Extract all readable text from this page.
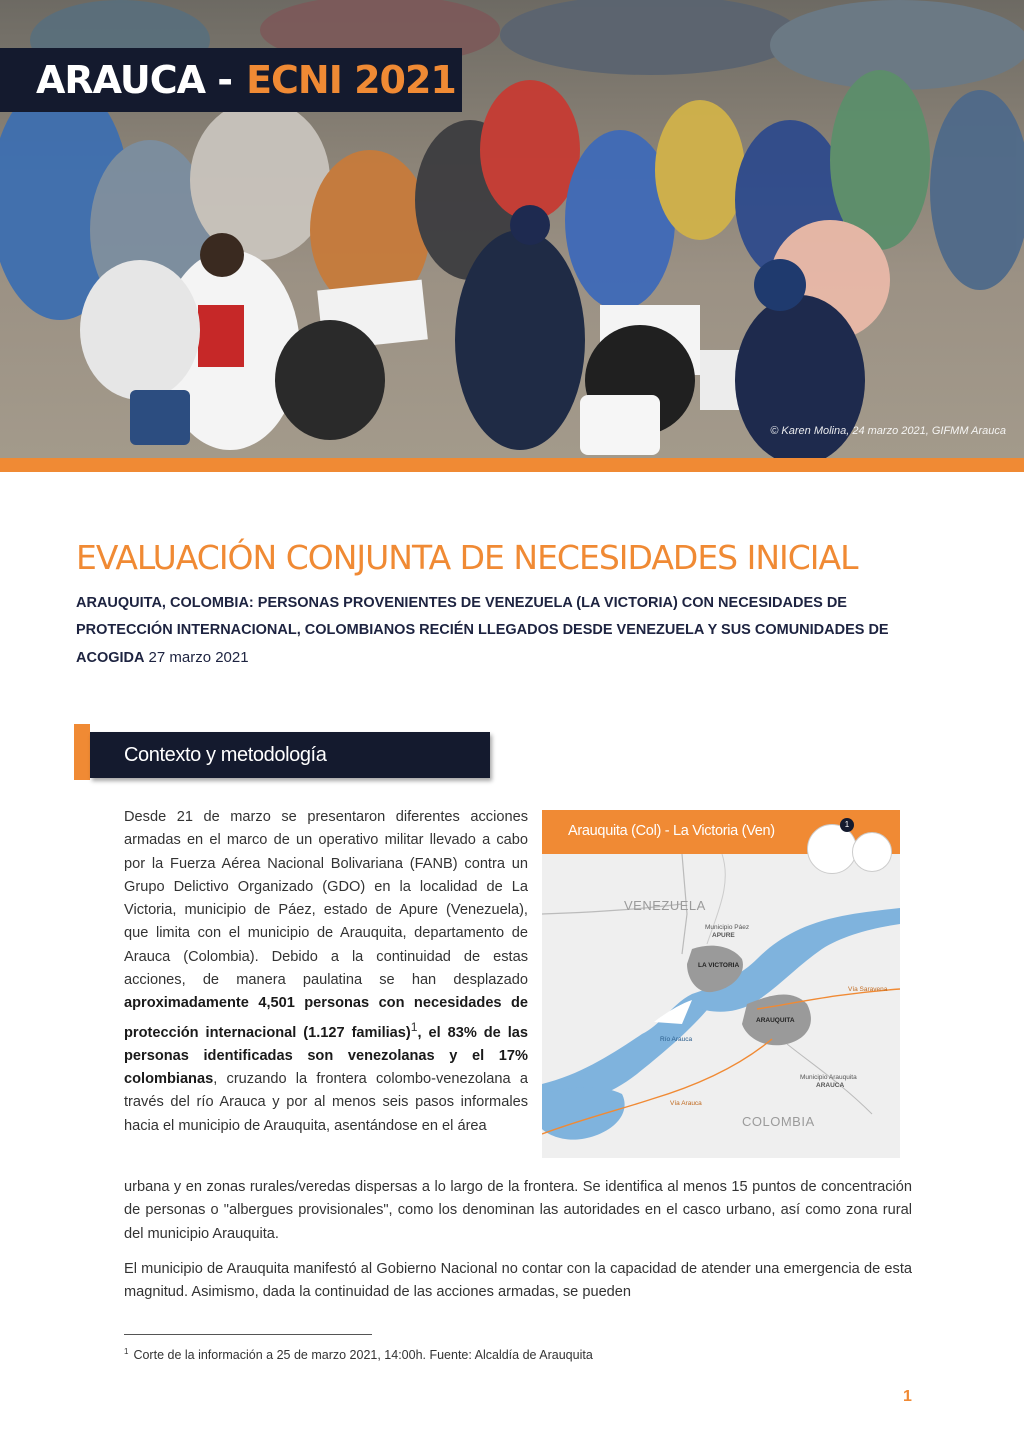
ARAUCA - ECNI 2021
© Karen Molina, 24 marzo 2021, GIFMM Arauca
EVALUACIÓN CONJUNTA DE NECESIDADES INICIAL

ARAUQUITA, COLOMBIA: PERSONAS PROVENIENTES DE VENEZUELA (LA VICTORIA) CON NECESIDADES DE PROTECCIÓN INTERNACIONAL, COLOMBIANOS RECIÉN LLEGADOS DESDE VENEZUELA Y SUS COMUNIDADES DE ACOGIDA 27 marzo 2021

Contexto y metodología

Desde 21 de marzo se presentaron diferentes acciones armadas en el marco de un operativo militar llevado a cabo por la Fuerza Aérea Nacional Bolivariana (FANB) contra un Grupo Delictivo Organizado (GDO) en la localidad de La Victoria, municipio de Páez, estado de Apure (Venezuela), que limita con el municipio de Arauquita, departamento de Arauca (Colombia). Debido a la continuidad de estas acciones, de manera paulatina se han desplazado aproximadamente 4,501 personas con necesidades de protección internacional (1.127 familias)$^1$, el 83% de las personas identificadas son venezolanas y el 17% colombianas, cruzando la frontera colombo-venezolana a través del río Arauca y por al menos seis pasos informales hacia el municipio de Arauquita, asentándose en el área

urbana y en zonas rurales/veredas dispersas a lo largo de la frontera. Se identifica al menos 15 puntos de concentración de personas o "albergues provisionales", como los denominan las autoridades en el casco urbano, así como zona rural del municipio Arauquita.

El municipio de Arauquita manifestó al Gobierno Nacional no contar con la capacidad de atender una emergencia de esta magnitud. Asimismo, dada la continuidad de las acciones armadas, se pueden

Arauquita (Col) - La Victoria (Ven)	1
VENEZUELA
COLOMBIA
LA VICTORIA
ARAUQUITA
Municipio Páez
APURE
Municipio Arauquita
ARAUCA
Río Arauca
Vía Saravena
Vía Arauca
$^1$ Corte de la información a 25 de marzo 2021, 14:00h. Fuente: Alcaldía de Arauquita
1
